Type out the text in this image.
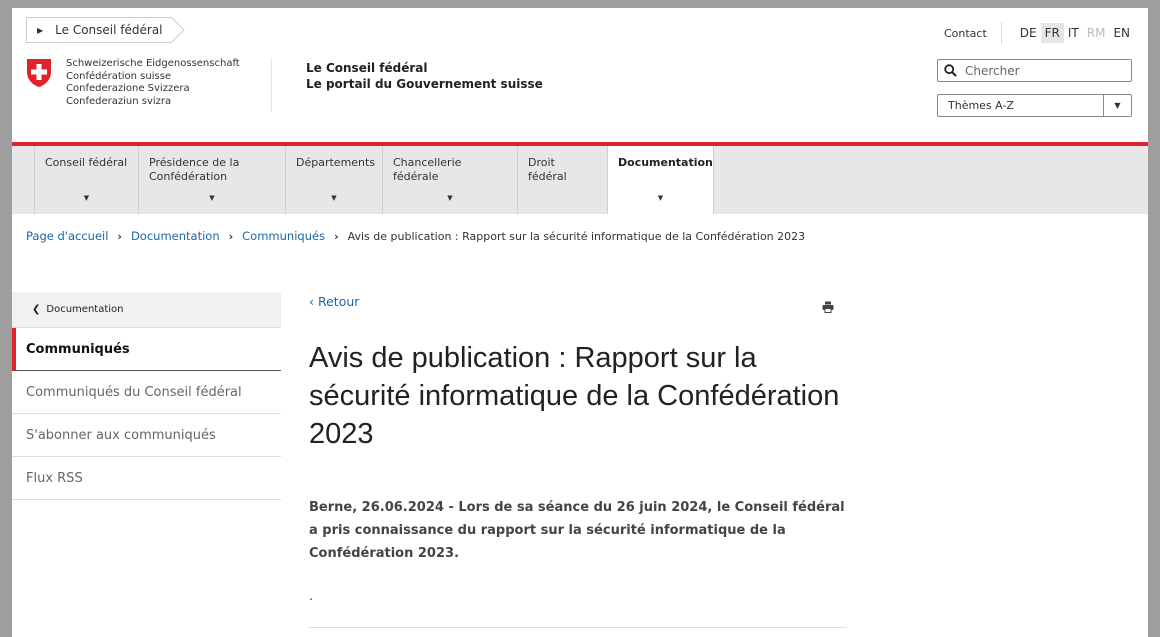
▶ Le Conseil fédéral	Contact	DE FR IT RM EN
Schweizerische Eidgenossenschaft
Confédération suisse
Confederazione Svizzera
Confederaziun svizra
Le Conseil fédéral
Le portail du Gouvernement suisse
Chercher
Thèmes A-Z	▼
Conseil fédéral
▼
Présidence de la
Confédération
▼
Départements
▼
Chancellerie fédérale
▼
Droit fédéral
Documentation
▼
Page d'accueil › Documentation › Communiqués › Avis de publication : Rapport sur la sécurité informatique de la Confédération 2023
❮ Documentation
Communiqués
Communiqués du Conseil fédéral
S'abonner aux communiqués
Flux RSS
‹ Retour
Avis de publication : Rapport sur la sécurité informatique de la Confédération 2023

Berne, 26.06.2024 - Lors de sa séance du 26 juin 2024, le Conseil fédéral a pris connaissance du rapport sur la sécurité informatique de la Confédération 2023.

.
